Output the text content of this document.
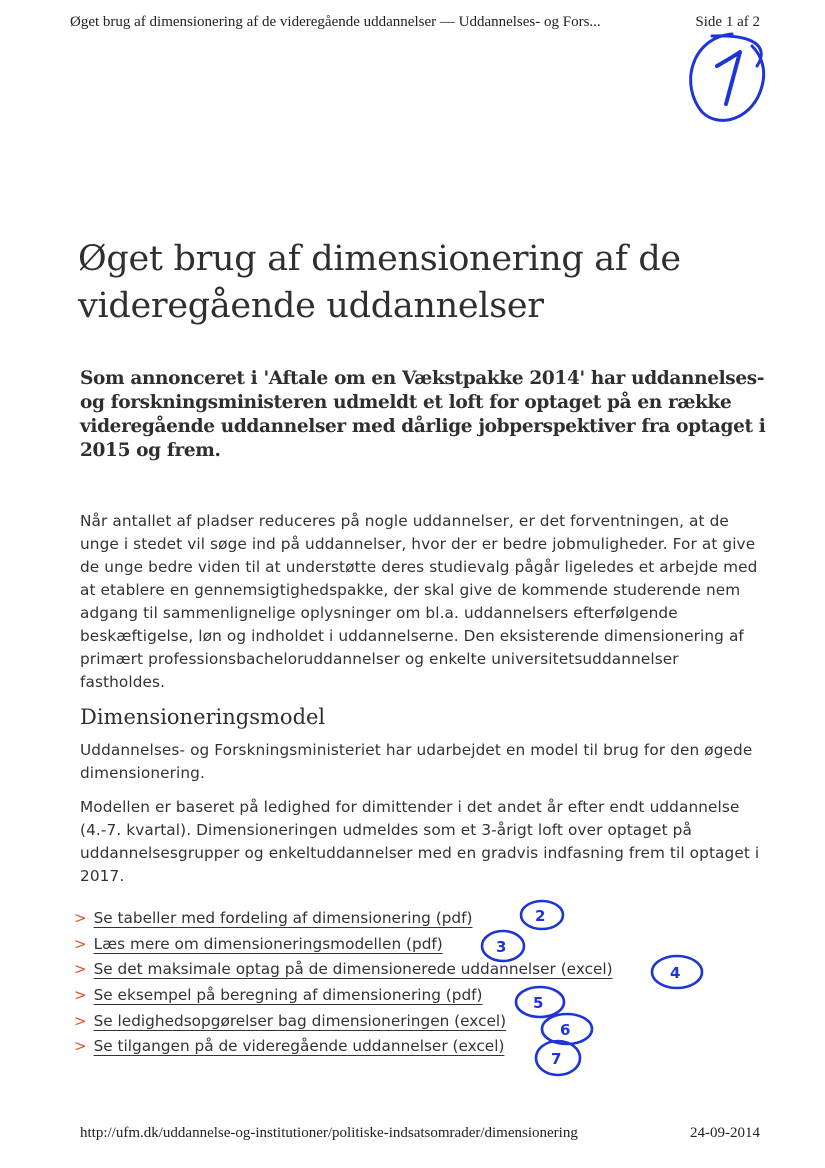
Øget brug af dimensionering af de videregående uddannelser — Uddannelses- og Fors...	Side 1 af 2
Øget brug af dimensionering af de videregående uddannelser

Som annonceret i 'Aftale om en Vækstpakke 2014' har uddannelses- og forskningsministeren udmeldt et loft for optaget på en række videregående uddannelser med dårlige jobperspektiver fra optaget i 2015 og frem.

Når antallet af pladser reduceres på nogle uddannelser, er det forventningen, at de unge i stedet vil søge ind på uddannelser, hvor der er bedre jobmuligheder. For at give de unge bedre viden til at understøtte deres studievalg pågår ligeledes et arbejde med at etablere en gennemsigtighedspakke, der skal give de kommende studerende nem adgang til sammenlignelige oplysninger om bl.a. uddannelsers efterfølgende beskæftigelse, løn og indholdet i uddannelserne. Den eksisterende dimensionering af primært professionsbacheloruddannelser og enkelte universitetsuddannelser fastholdes.

Dimensioneringsmodel

Uddannelses- og Forskningsministeriet har udarbejdet en model til brug for den øgede dimensionering.

Modellen er baseret på ledighed for dimittender i det andet år efter endt uddannelse (4.-7. kvartal). Dimensioneringen udmeldes som et 3-årigt loft over optaget på uddannelsesgrupper og enkeltuddannelser med en gradvis indfasning frem til optaget i 2017.

> Se tabeller med fordeling af dimensionering (pdf)
> Læs mere om dimensioneringsmodellen (pdf)
> Se det maksimale optag på de dimensionerede uddannelser (excel)
> Se eksempel på beregning af dimensionering (pdf)
> Se ledighedsopgørelser bag dimensioneringen (excel)
> Se tilgangen på de videregående uddannelser (excel)
2
3
4
5
6
7
http://ufm.dk/uddannelse-og-institutioner/politiske-indsatsomrader/dimensionering	24-09-2014
